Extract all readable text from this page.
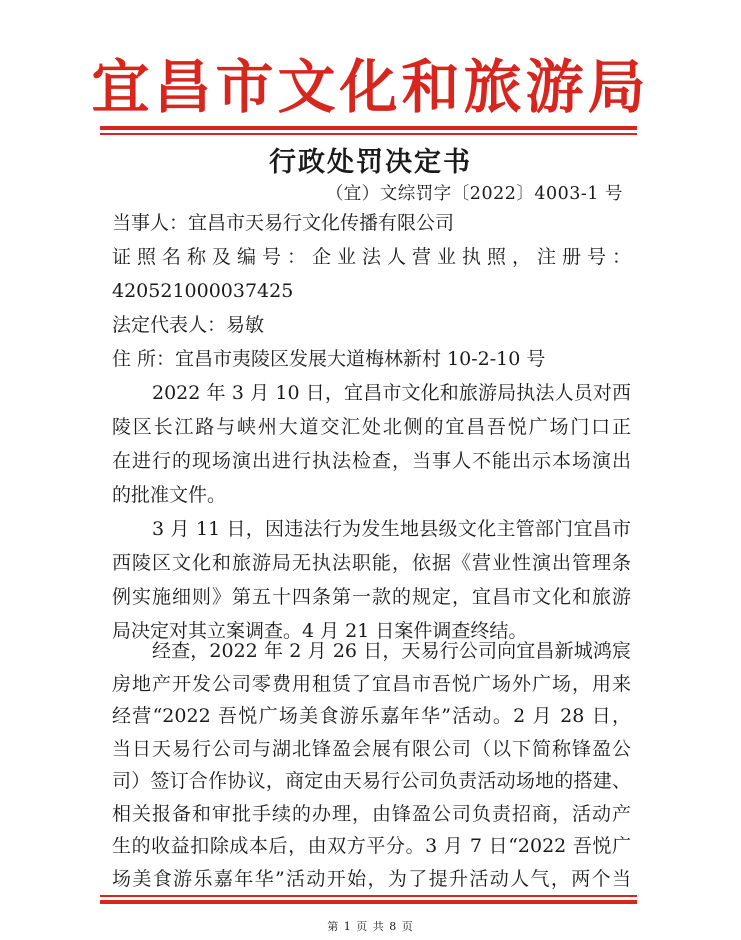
宜昌市文化和旅游局
行政处罚决定书
（宜）文综罚字〔2022〕4003-1 号
当事人：宜昌市天易行文化传播有限公司
证照名称及编号：企业法人营业执照，注册号：
420521000037425
法定代表人：易敏
住 所：宜昌市夷陵区发展大道梅林新村 10-2-10 号
2022 年 3 月 10 日，宜昌市文化和旅游局执法人员对西
陵区长江路与峡州大道交汇处北侧的宜昌吾悦广场门口正
在进行的现场演出进行执法检查，当事人不能出示本场演出
的批准文件。
3 月 11 日，因违法行为发生地县级文化主管部门宜昌市
西陵区文化和旅游局无执法职能，依据《营业性演出管理条
例实施细则》第五十四条第一款的规定，宜昌市文化和旅游
局决定对其立案调查。4 月 21 日案件调查终结。
经查，2022 年 2 月 26 日，天易行公司向宜昌新城鸿宸
房地产开发公司零费用租赁了宜昌市吾悦广场外广场，用来
经营“2022 吾悦广场美食游乐嘉年华”活动。2 月 28 日，
当日天易行公司与湖北锋盈会展有限公司（以下简称锋盈公
司）签订合作协议，商定由天易行公司负责活动场地的搭建、
相关报备和审批手续的办理，由锋盈公司负责招商，活动产
生的收益扣除成本后，由双方平分。3 月 7 日“2022 吾悦广
第 1 页 共 8 页
场美食游乐嘉年华”活动开始，为了提升活动人气，两个当
